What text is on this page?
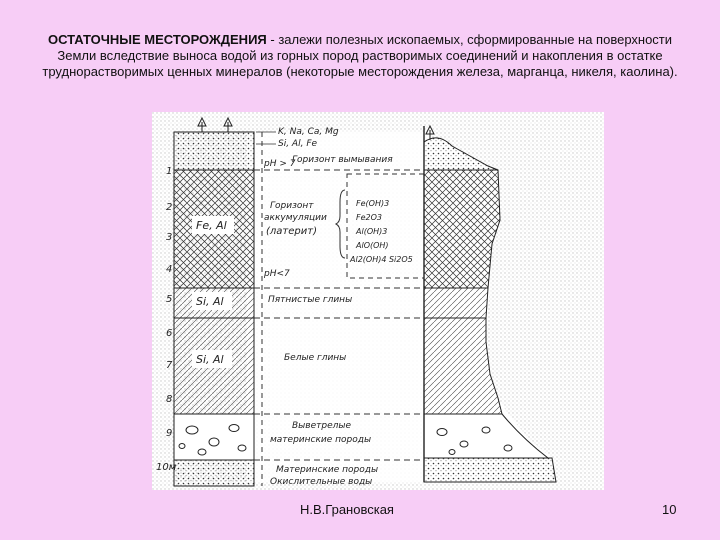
ОСТАТОЧНЫЕ МЕСТОРОЖДЕНИЯ - залежи полезных ископаемых, сформированные на поверхности Земли вследствие выноса водой из горных пород растворимых соединений и накопления в остатке труднорастворимых ценных минералов (некоторые месторождения железа, марганца, никеля, каолина).
Fe, Al
Si, Al
Si, Al
1
2
3
4
5
6
7
8
9
10м
K, Na, Ca, Mg
Si, Al, Fe
pH > 7
Горизонт вымывания
Горизонт
аккумуляции
(латерит)
pH<7
Пятнистые глины
Белые глины
Выветрелые
материнские породы
Материнские породы
Окислительные воды
Fe(OH)3
Fe2O3
Al(OH)3
AlO(OH)
Al2(OH)4 Si2O5
Н.В.Грановская	10
